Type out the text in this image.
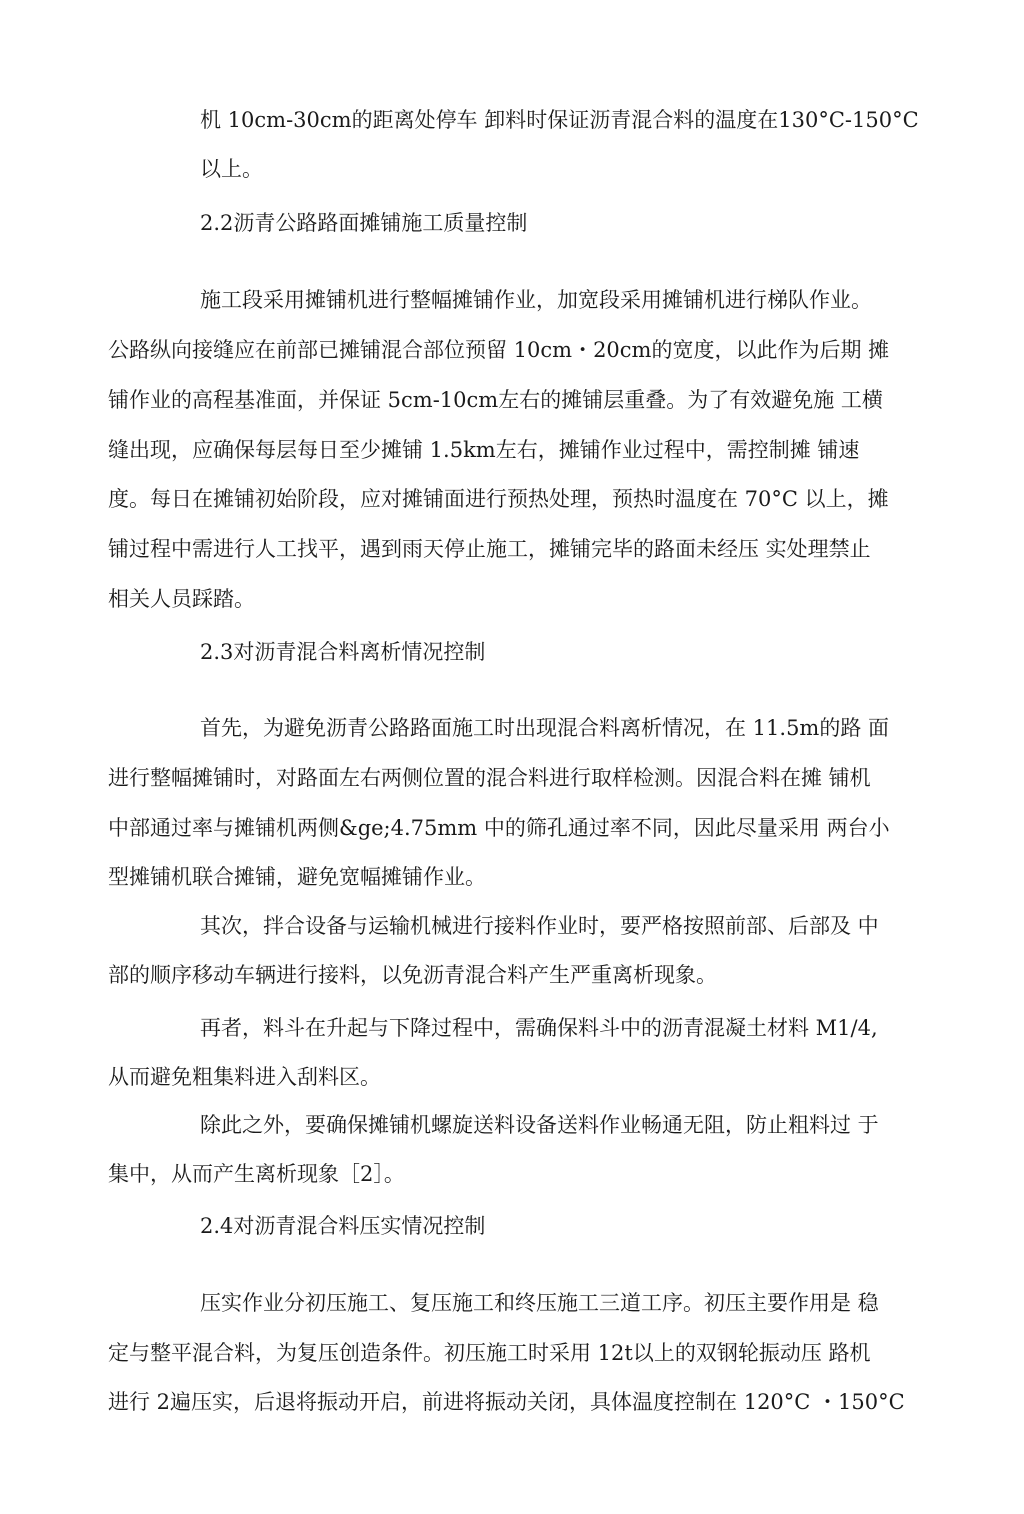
机 10cm-30cm的距离处停车 卸料时保证沥青混合料的温度在130°C-150°C
以上。
2.2沥青公路路面摊铺施工质量控制
施工段采用摊铺机进行整幅摊铺作业，加宽段采用摊铺机进行梯队作业。
公路纵向接缝应在前部已摊铺混合部位预留 10cm・20cm的宽度，以此作为后期 摊
铺作业的高程基准面，并保证 5cm-10cm左右的摊铺层重叠。为了有效避免施 工横
缝出现，应确保每层每日至少摊铺 1.5km左右，摊铺作业过程中，需控制摊 铺速
度。每日在摊铺初始阶段，应对摊铺面进行预热处理，预热时温度在 70°C 以上，摊
铺过程中需进行人工找平，遇到雨天停止施工，摊铺完毕的路面未经压 实处理禁止
相关人员踩踏。
2.3对沥青混合料离析情况控制
首先，为避免沥青公路路面施工时出现混合料离析情况，在 11.5m的路 面
进行整幅摊铺时，对路面左右两侧位置的混合料进行取样检测。因混合料在摊 铺机
中部通过率与摊铺机两侧&ge;4.75mm 中的筛孔通过率不同，因此尽量采用 两台小
型摊铺机联合摊铺，避免宽幅摊铺作业。
其次，拌合设备与运输机械进行接料作业时，要严格按照前部、后部及 中
部的顺序移动车辆进行接料，以免沥青混合料产生严重离析现象。
再者，料斗在升起与下降过程中，需确保料斗中的沥青混凝土材料 M1/4,
从而避免粗集料进入刮料区。
除此之外，要确保摊铺机螺旋送料设备送料作业畅通无阻，防止粗料过 于
集中，从而产生离析现象［2］。
2.4对沥青混合料压实情况控制
压实作业分初压施工、复压施工和终压施工三道工序。初压主要作用是 稳
定与整平混合料，为复压创造条件。初压施工时采用 12t以上的双钢轮振动压 路机
进行 2遍压实，后退将振动开启，前进将振动关闭，具体温度控制在 120°C ・150°C
